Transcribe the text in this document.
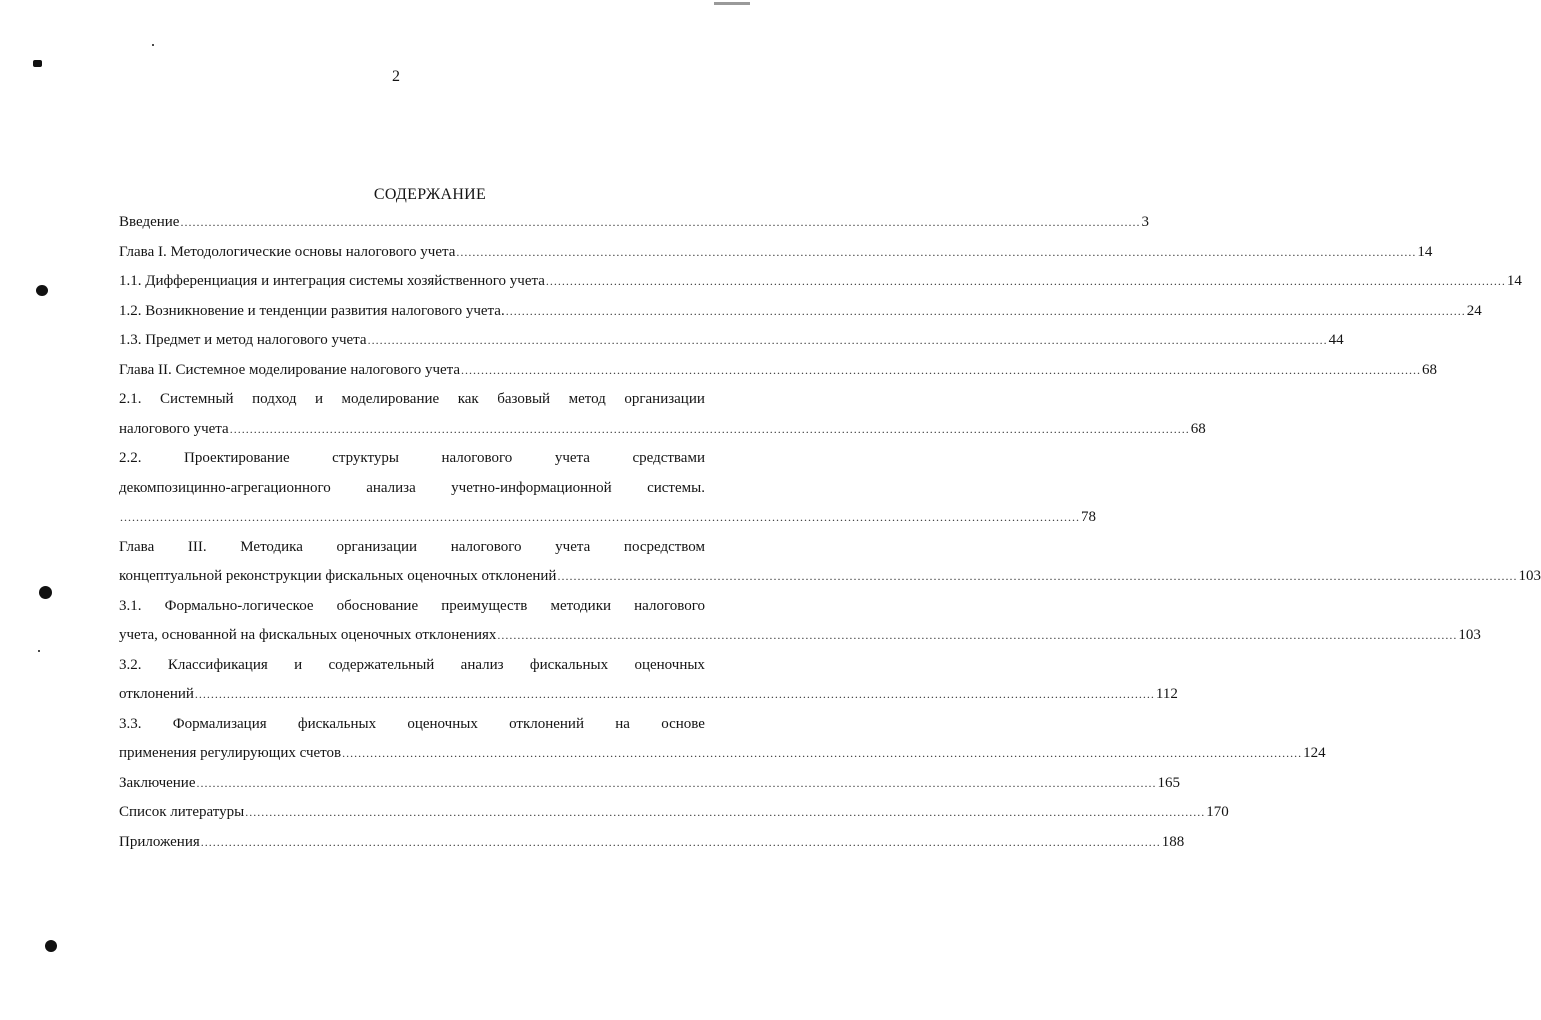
2
СОДЕРЖАНИЕ
Введение ................................................................................................................................................................................................................................................ 3
Глава I. Методологические основы налогового учета ................................................................................................................................................................................................................................................ 14
1.1. Дифференциация и интеграция системы хозяйственного учета ................................................................................................................................................................................................................................................ 14
1.2. Возникновение и тенденции развития налогового учета. ................................................................................................................................................................................................................................................ 24
1.3. Предмет и метод налогового учета ................................................................................................................................................................................................................................................ 44
Глава II. Системное моделирование налогового учета ................................................................................................................................................................................................................................................ 68
2.1. Системный подход и моделирование как базовый метод организации
налогового учета ................................................................................................................................................................................................................................................ 68
2.2.	Проектирование	структуры	налогового	учета	средствами
декомпозицинно-агрегационного анализа учетно-информационной системы.
................................................................................................................................................................................................................................................ 78
Глава III. Методика организации налогового учета посредством
концептуальной реконструкции фискальных оценочных отклонений ................................................................................................................................................................................................................................................ 103
3.1. Формально-логическое обоснование преимуществ методики налогового
учета, основанной на фискальных оценочных отклонениях ................................................................................................................................................................................................................................................ 103
3.2. Классификация и содержательный анализ фискальных оценочных
отклонений ................................................................................................................................................................................................................................................ 112
3.3. Формализация фискальных оценочных отклонений на основе
применения регулирующих счетов ................................................................................................................................................................................................................................................ 124
Заключение ................................................................................................................................................................................................................................................ 165
Список литературы ................................................................................................................................................................................................................................................ 170
Приложения ................................................................................................................................................................................................................................................ 188
